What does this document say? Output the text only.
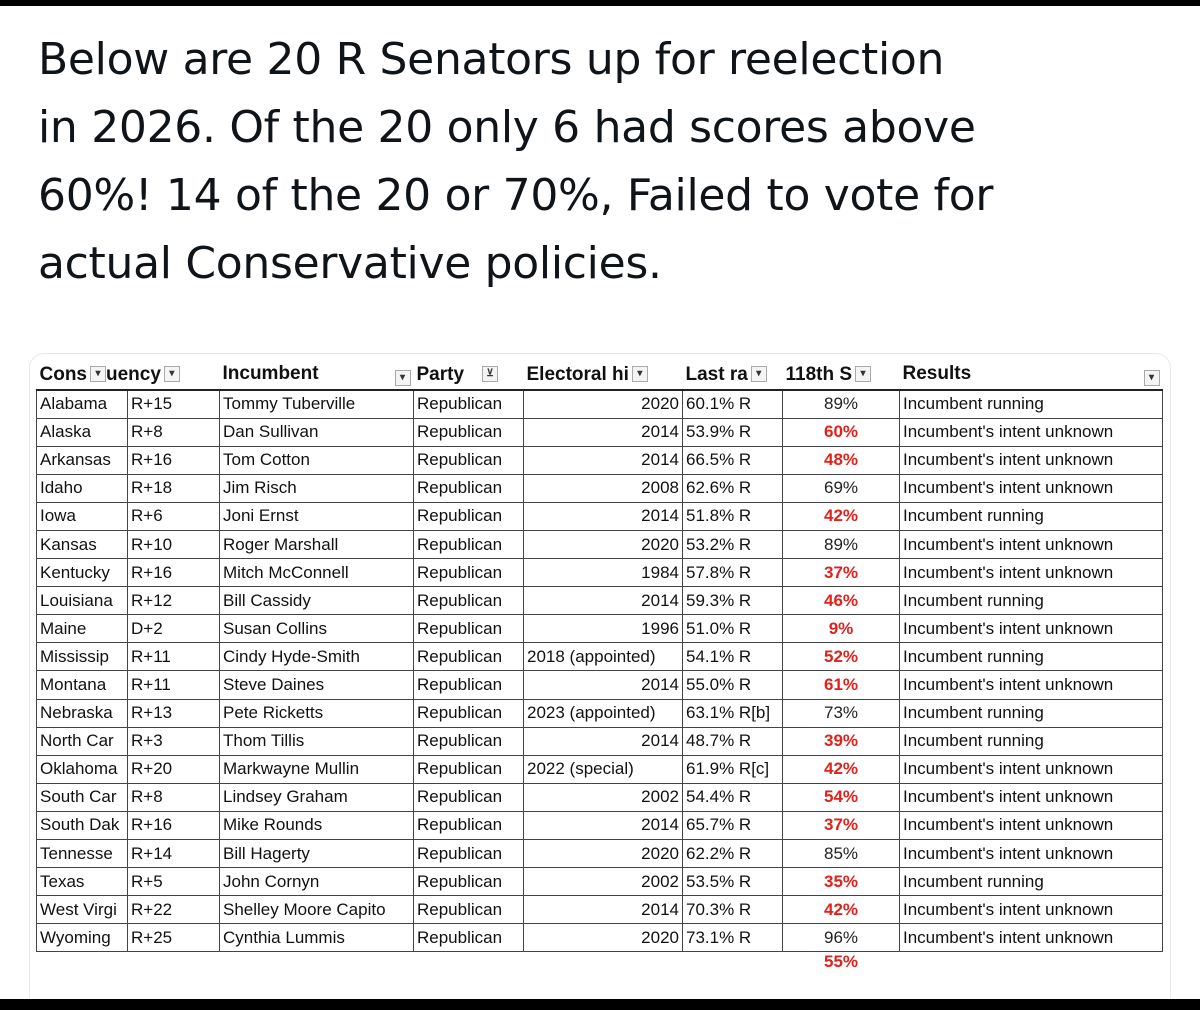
Below are 20 R Senators up for reelection
in 2026. Of the 20 only 6 had scores above
60%! 14 of the 20 or 70%, Failed to vote for
actual Conservative policies.
Cons ▾ uency ▾		Incumbent ▾	Party ⊻	Electoral hi ▾	Last ra ▾	118th S ▾	Results ▾

Alabama	R+15	Tommy Tuberville	Republican	2020	60.1% R	89%	Incumbent running
Alaska	R+8	Dan Sullivan	Republican	2014	53.9% R	60%	Incumbent's intent unknown
Arkansas	R+16	Tom Cotton	Republican	2014	66.5% R	48%	Incumbent's intent unknown
Idaho	R+18	Jim Risch	Republican	2008	62.6% R	69%	Incumbent's intent unknown
Iowa	R+6	Joni Ernst	Republican	2014	51.8% R	42%	Incumbent running
Kansas	R+10	Roger Marshall	Republican	2020	53.2% R	89%	Incumbent's intent unknown
Kentucky	R+16	Mitch McConnell	Republican	1984	57.8% R	37%	Incumbent's intent unknown
Louisiana	R+12	Bill Cassidy	Republican	2014	59.3% R	46%	Incumbent running
Maine	D+2	Susan Collins	Republican	1996	51.0% R	9%	Incumbent's intent unknown
Mississip	R+11	Cindy Hyde-Smith	Republican	2018 (appointed)	54.1% R	52%	Incumbent running
Montana	R+11	Steve Daines	Republican	2014	55.0% R	61%	Incumbent's intent unknown
Nebraska	R+13	Pete Ricketts	Republican	2023 (appointed)	63.1% R[b]	73%	Incumbent running
North Car	R+3	Thom Tillis	Republican	2014	48.7% R	39%	Incumbent running
Oklahoma	R+20	Markwayne Mullin	Republican	2022 (special)	61.9% R[c]	42%	Incumbent's intent unknown
South Car	R+8	Lindsey Graham	Republican	2002	54.4% R	54%	Incumbent's intent unknown
South Dak	R+16	Mike Rounds	Republican	2014	65.7% R	37%	Incumbent's intent unknown
Tennesse	R+14	Bill Hagerty	Republican	2020	62.2% R	85%	Incumbent's intent unknown
Texas	R+5	John Cornyn	Republican	2002	53.5% R	35%	Incumbent running
West Virgi	R+22	Shelley Moore Capito	Republican	2014	70.3% R	42%	Incumbent's intent unknown
Wyoming	R+25	Cynthia Lummis	Republican	2020	73.1% R	96%	Incumbent's intent unknown
						55%	
